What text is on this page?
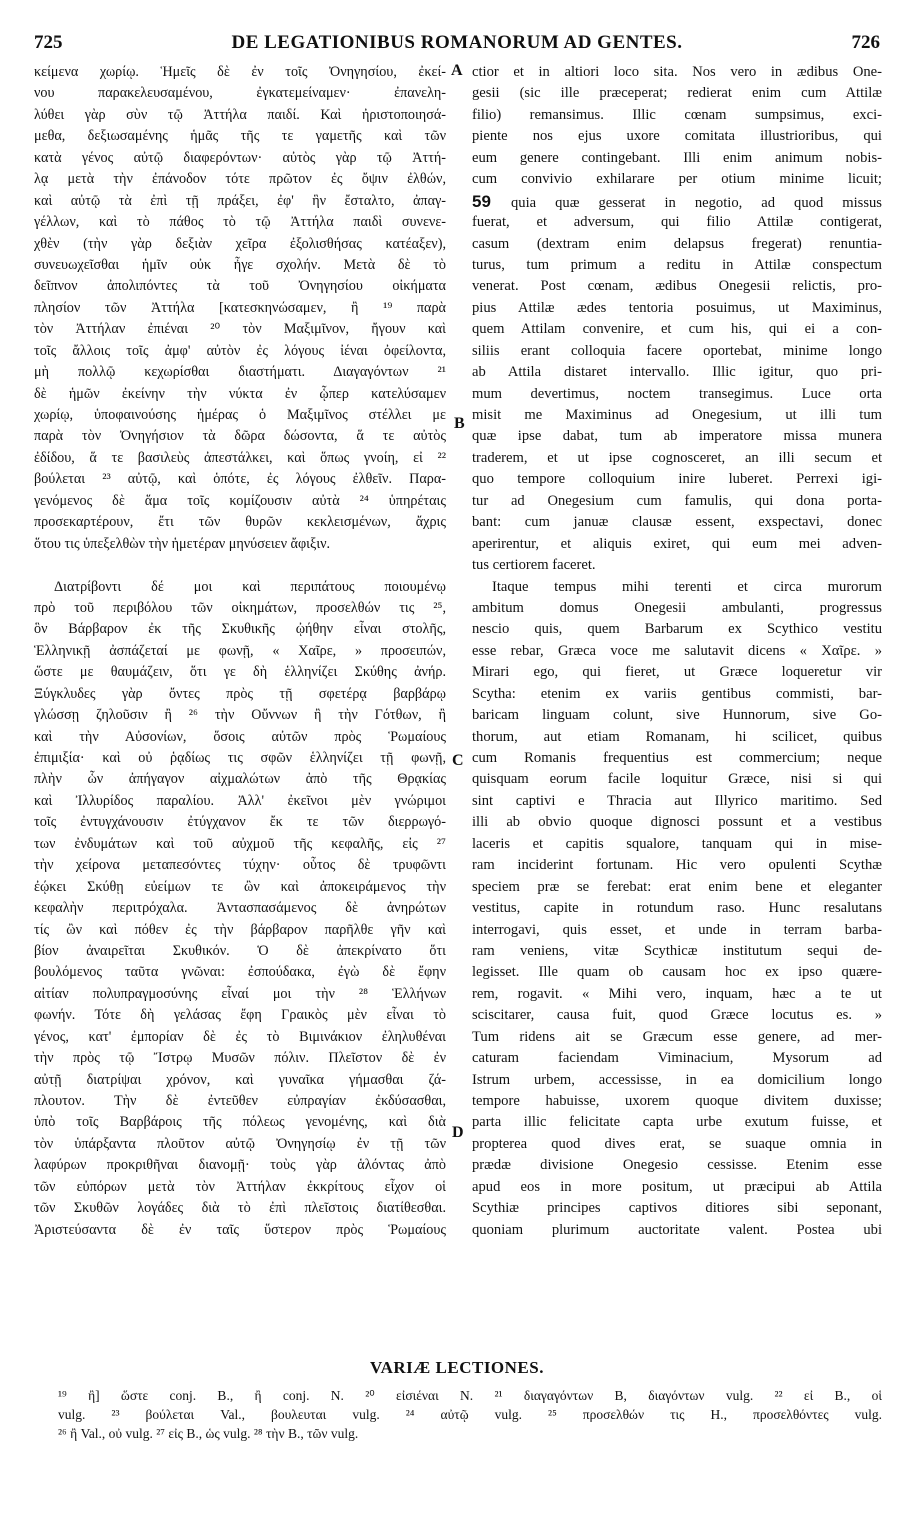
725	DE LEGATIONIBUS ROMANORUM AD GENTES.	726
κείμενα χωρίῳ. Ἡμεῖς δὲ ἐν τοῖς Ὀνηγησίου, ἐκεί-
νου παρακελευσαμένου, ἐγκατεμείναμεν· ἐπανελη-
λύθει γὰρ σὺν τῷ Ἀττήλα παιδί. Καὶ ἠριστοποιησά-
μεθα, δεξιωσαμένης ἡμᾶς τῆς τε γαμετῆς καὶ τῶν
κατὰ γένος αὐτῷ διαφερόντων· αὐτὸς γὰρ τῷ Ἀττή-
λᾳ μετὰ τὴν ἐπάνοδον τότε πρῶτον ἐς ὄψιν ἐλθών,
καὶ αὐτῷ τὰ ἐπὶ τῇ πράξει, ἐφ' ἣν ἔσταλτο, ἀπαγ-
γέλλων, καὶ τὸ πάθος τὸ τῷ Ἀττήλα παιδὶ συνενε-
χθὲν (τὴν γὰρ δεξιὰν χεῖρα ἐξολισθήσας κατέαξεν),
συνευωχεῖσθαι ἡμῖν οὐκ ἦγε σχολήν. Μετὰ δὲ τὸ
δεῖπνον ἀπολιπόντες τὰ τοῦ Ὀνηγησίου οἰκήματα
πλησίον τῶν Ἀττήλα [κατεσκηνώσαμεν, ἢ ¹⁹ παρὰ
τὸν Ἀττήλαν ἐπιέναι ²⁰ τὸν Μαξιμῖνον, ἤγουν καὶ
τοῖς ἄλλοις τοῖς ἀμφ' αὐτὸν ἐς λόγους ἰέναι ὀφείλοντα,
μὴ πολλῷ κεχωρίσθαι διαστήματι. Διαγαγόντων ²¹
δὲ ἡμῶν ἐκείνην τὴν νύκτα ἐν ᾧπερ κατελύσαμεν
χωρίῳ, ὑποφαινούσης ἡμέρας ὁ Μαξιμῖνος στέλλει με
παρὰ τὸν Ὀνηγήσιον τὰ δῶρα δώσοντα, ἅ τε αὐτὸς
ἐδίδου, ἅ τε βασιλεὺς ἀπεστάλκει, καὶ ὅπως γνοίη, εἰ ²²
βούλεται ²³ αὐτῷ, καὶ ὁπότε, ἐς λόγους ἐλθεῖν. Παρα-
γενόμενος δὲ ἅμα τοῖς κομίζουσιν αὐτὰ ²⁴ ὑπηρέταις
προσεκαρτέρουν, ἔτι τῶν θυρῶν κεκλεισμένων, ἄχρις
ὅτου τις ὑπεξελθὼν τὴν ἡμετέραν μηνύσειεν ἄφιξιν.
Διατρίβοντι δέ μοι καὶ περιπάτους ποιουμένῳ
πρὸ τοῦ περιβόλου τῶν οἰκημάτων, προσελθών τις ²⁵,
ὃν Βάρβαρον ἐκ τῆς Σκυθικῆς ᾠήθην εἶναι στολῆς,
Ἑλληνικῇ ἀσπάζεταί με φωνῇ, « Χαῖρε, » προσειπών,
ὥστε με θαυμάζειν, ὅτι γε δὴ ἑλληνίζει Σκύθης ἀνήρ.
Ξύγκλυδες γὰρ ὄντες πρὸς τῇ σφετέρᾳ βαρβάρῳ
γλώσσῃ ζηλοῦσιν ἢ ²⁶ τὴν Οὔννων ἢ τὴν Γότθων, ἢ
καὶ τὴν Αὐσονίων, ὅσοις αὐτῶν πρὸς Ῥωμαίους
ἐπιμιξία· καὶ οὐ ῥᾳδίως τις σφῶν ἑλληνίζει τῇ φωνῇ,
πλὴν ὧν ἀπήγαγον αἰχμαλώτων ἀπὸ τῆς Θρᾳκίας
καὶ Ἰλλυρίδος παραλίου. Ἀλλ' ἐκεῖνοι μὲν γνώριμοι
τοῖς ἐντυγχάνουσιν ἐτύγχανον ἔκ τε τῶν διερρωγό-
των ἐνδυμάτων καὶ τοῦ αὐχμοῦ τῆς κεφαλῆς, εἰς ²⁷
τὴν χείρονα μεταπεσόντες τύχην· οὗτος δὲ τρυφῶντι
ἐῴκει Σκύθῃ εὐείμων τε ὢν καὶ ἀποκειράμενος τὴν
κεφαλὴν περιτρόχαλα. Ἀντασπασάμενος δὲ ἀνηρώτων
τίς ὢν καὶ πόθεν ἐς τὴν βάρβαρον παρῆλθε γῆν καὶ
βίον ἀναιρεῖται Σκυθικόν. Ὁ δὲ ἀπεκρίνατο ὅτι
βουλόμενος ταῦτα γνῶναι: ἐσπούδακα, ἐγὼ δὲ ἔφην
αἰτίαν πολυπραγμοσύνης εἶναί μοι τὴν ²⁸ Ἑλλήνων
φωνήν. Τότε δὴ γελάσας ἔφη Γραικὸς μὲν εἶναι τὸ
γένος, κατ' ἐμπορίαν δὲ ἐς τὸ Βιμινάκιον ἐληλυθέναι
τὴν πρὸς τῷ Ἴστρῳ Μυσῶν πόλιν. Πλεῖστον δὲ ἐν
αὐτῇ διατρίψαι χρόνον, καὶ γυναῖκα γήμασθαι ζά-
πλουτον. Τὴν δὲ ἐντεῦθεν εὐπραγίαν ἐκδύσασθαι,
ὑπὸ τοῖς Βαρβάροις τῆς πόλεως γενομένης, καὶ διὰ
τὸν ὑπάρξαντα πλοῦτον αὐτῷ Ὀνηγησίῳ ἐν τῇ τῶν
λαφύρων προκριθῆναι διανομῇ· τοὺς γὰρ ἁλόντας ἀπὸ
τῶν εὐπόρων μετὰ τὸν Ἀττήλαν ἐκκρίτους εἶχον οἱ
τῶν Σκυθῶν λογάδες διὰ τὸ ἐπὶ πλεῖστοις διατίθεσθαι.
Ἀριστεύσαντα δὲ ἐν ταῖς ὕστερον πρὸς Ῥωμαίους
ctior et in altiori loco sita. Nos vero in ædibus One-
gesii (sic ille præceperat; redierat enim cum Attilæ
filio) remansimus. Illic cœnam sumpsimus, exci-
piente nos ejus uxore comitata illustrioribus, qui
eum genere contingebant. Illi enim animum nobis-
cum convivio exhilarare per otium minime licuit;
59 quia quæ gesserat in negotio, ad quod missus
fuerat, et adversum, qui filio Attilæ contigerat,
casum (dextram enim delapsus fregerat) renuntia-
turus, tum primum a reditu in Attilæ conspectum
venerat. Post cœnam, ædibus Onegesii relictis, pro-
pius Attilæ ædes tentoria posuimus, ut Maximinus,
quem Attilam convenire, et cum his, qui ei a con-
siliis erant colloquia facere oportebat, minime longo
ab Attila distaret intervallo. Illic igitur, quo pri-
mum devertimus, noctem transegimus. Luce orta
misit me Maximinus ad Onegesium, ut illi tum
quæ ipse dabat, tum ab imperatore missa munera
traderem, et ut ipse cognosceret, an illi secum et
quo tempore colloquium inire luberet. Perrexi igi-
tur ad Onegesium cum famulis, qui dona porta-
bant: cum januæ clausæ essent, exspectavi, donec
aperirentur, et aliquis exiret, qui eum mei adven-
tus certiorem faceret.
Itaque tempus mihi terenti et circa murorum
ambitum domus Onegesii ambulanti, progressus
nescio quis, quem Barbarum ex Scythico vestitu
esse rebar, Græca voce me salutavit dicens « Χαῖρε. »
Mirari ego, qui fieret, ut Græce loqueretur vir
Scytha: etenim ex variis gentibus commisti, bar-
baricam linguam colunt, sive Hunnorum, sive Go-
thorum, aut etiam Romanam, hi scilicet, quibus
cum Romanis frequentius est commercium; neque
quisquam eorum facile loquitur Græce, nisi si qui
sint captivi e Thracia aut Illyrico maritimo. Sed
illi ab obvio quoque dignosci possunt et a vestibus
laceris et capitis squalore, tanquam qui in mise-
ram inciderint fortunam. Hic vero opulenti Scythæ
speciem præ se ferebat: erat enim bene et eleganter
vestitus, capite in rotundum raso. Hunc resalutans
interrogavi, quis esset, et unde in terram barba-
ram veniens, vitæ Scythicæ institutum sequi de-
legisset. Ille quam ob causam hoc ex ipso quære-
rem, rogavit. « Mihi vero, inquam, hæc a te ut
sciscitarer, causa fuit, quod Græce locutus es. »
Tum ridens ait se Græcum esse genere, ad mer-
caturam faciendam Viminacium, Mysorum ad
Istrum urbem, accessisse, in ea domicilium longo
tempore habuisse, uxorem quoque divitem duxisse;
parta illic felicitate capta urbe exutum fuisse, et
propterea quod dives erat, se suaque omnia in
prædæ divisione Onegesio cessisse. Etenim esse
apud eos in more positum, ut præcipui ab Attila
Scythiæ principes captivos ditiores sibi seponant,
quoniam plurimum auctoritate valent. Postea ubi
A
B
C
D
VARIÆ LECTIONES.
¹⁹ ἢ] ὥστε conj. B., ἢ conj. N. ²⁰ εἰσιέναι N. ²¹ διαγαγόντων B, διαγόντων vulg. ²² εἰ B., οἱ
vulg. ²³ βούλεται Val., βουλευται vulg. ²⁴ αὐτῷ vulg. ²⁵ προσελθών τις H., προσελθόντες vulg.
²⁶ ἢ Val., οὐ vulg. ²⁷ εἰς B., ὡς vulg. ²⁸ τὴν B., τῶν vulg.
